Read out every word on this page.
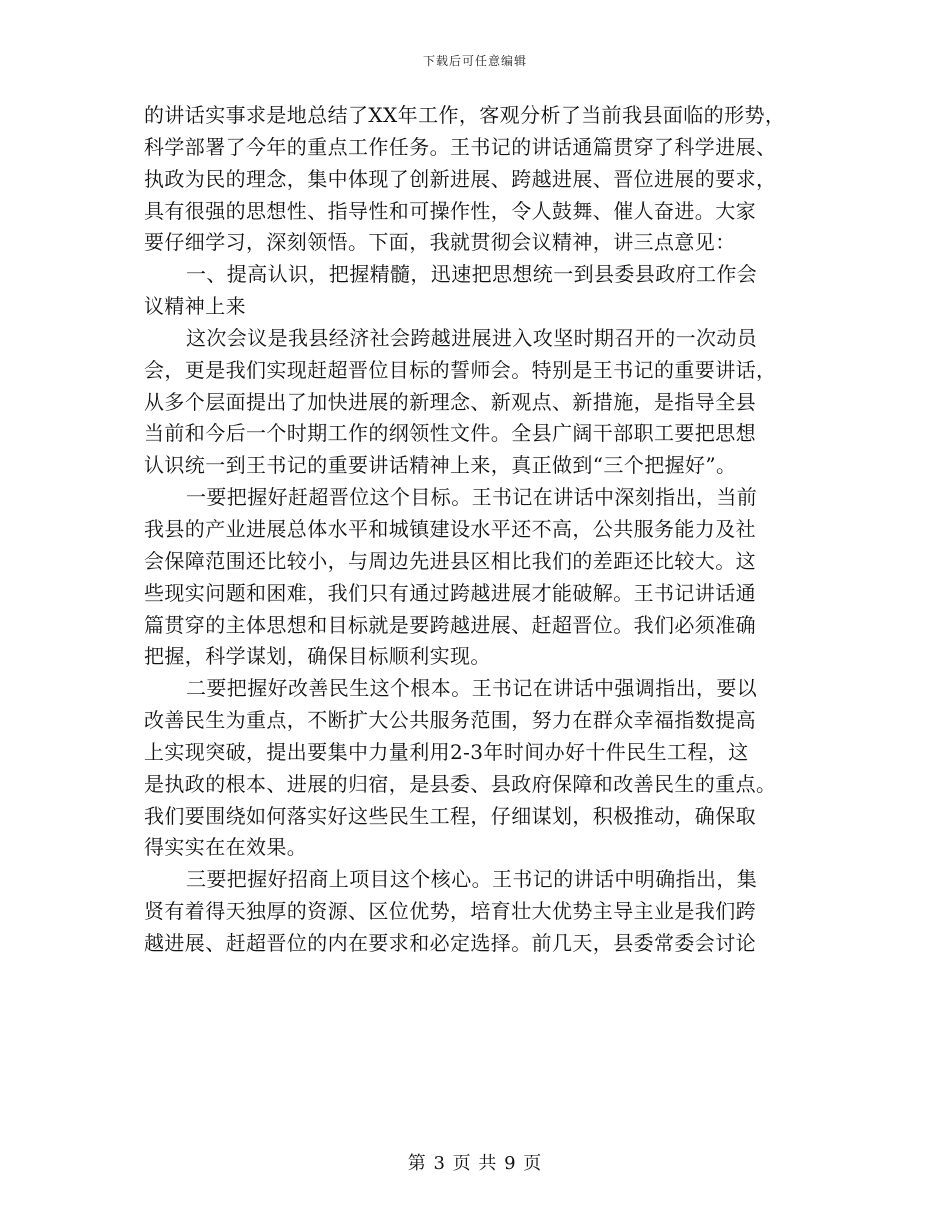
下载后可任意编辑

的讲话实事求是地总结了XX年工作，客观分析了当前我县面临的形势，
科学部署了今年的重点工作任务。王书记的讲话通篇贯穿了科学进展、
执政为民的理念，集中体现了创新进展、跨越进展、晋位进展的要求，
具有很强的思想性、指导性和可操作性，令人鼓舞、催人奋进。大家
要仔细学习，深刻领悟。下面，我就贯彻会议精神，讲三点意见：

一、提高认识，把握精髓，迅速把思想统一到县委县政府工作会
议精神上来

这次会议是我县经济社会跨越进展进入攻坚时期召开的一次动员
会，更是我们实现赶超晋位目标的誓师会。特别是王书记的重要讲话，
从多个层面提出了加快进展的新理念、新观点、新措施，是指导全县
当前和今后一个时期工作的纲领性文件。全县广阔干部职工要把思想
认识统一到王书记的重要讲话精神上来，真正做到“三个把握好”。

一要把握好赶超晋位这个目标。王书记在讲话中深刻指出，当前
我县的产业进展总体水平和城镇建设水平还不高，公共服务能力及社
会保障范围还比较小，与周边先进县区相比我们的差距还比较大。这
些现实问题和困难，我们只有通过跨越进展才能破解。王书记讲话通
篇贯穿的主体思想和目标就是要跨越进展、赶超晋位。我们必须准确
把握，科学谋划，确保目标顺利实现。

二要把握好改善民生这个根本。王书记在讲话中强调指出，要以
改善民生为重点，不断扩大公共服务范围，努力在群众幸福指数提高
上实现突破，提出要集中力量利用2-3年时间办好十件民生工程，这
是执政的根本、进展的归宿，是县委、县政府保障和改善民生的重点。
我们要围绕如何落实好这些民生工程，仔细谋划，积极推动，确保取
得实实在在效果。

三要把握好招商上项目这个核心。王书记的讲话中明确指出，集
贤有着得天独厚的资源、区位优势，培育壮大优势主导主业是我们跨
越进展、赶超晋位的内在要求和必定选择。前几天，县委常委会讨论

第 3 页 共 9 页
